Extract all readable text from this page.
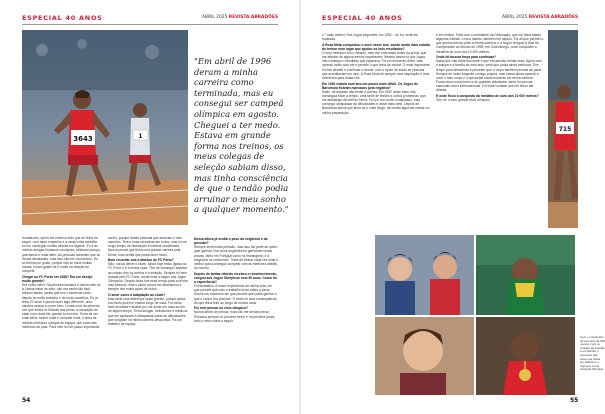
ESPECIAL 40 ANOS	ABRIL 2025 REVISTA ABRADÕES
3643	1
"Em abril de 1996 deram a minha carreira como terminada, mas eu consegui ser campeã olímpica em agosto. Cheguei a ter medo. Estava em grande forma nos treinos, os meus colegas de seleção sabiam disso, mas tinha consciência de que o tendão podia arruinar o meu sonho a qualquer momento."

formadores, quem me ensinou tudo que eu tinha de seguir, com tanto empenho e a tanta coisa acredita em eu conseguir muitas vitórias na Algarve. Eu e as minhas amigas tínhamos condições, faltavam pouqui, queríamos ir mais além. As pessoas achavam que eu tremia demasiado, mas isso não me incomodou. Eu só tremia por gosto, porque não se tinha muitas coisas, nunca gostei de ir muito na relação de competir.

Chegar ao FC Porto em 1988? Era um desejo muito grande?

Era muito difícil. Na primeira semana a minha mãe foi a Lisboa tratar de tudo, não era assim tão fácil. Mesmo assim, sentia que era o momento certo, depois de muito trabalho e de muito sacrifício. Eu já tinha 22 anos e queria fazer algo diferente, uma carreira estava a correr bem. Lembro-me da primeira vez que entrei no Estádio das Antas, a sensação de estar num clube tão grande foi incrível. Tinha de ser mais séria, treinar mais e competir mais, e tinha as minhas melhores colegas de equipa, que eram das melhores do país. Para mim foi um passo importante.

sonho, porque tantas pessoas que amavam o meu caminho. Tenho boas memórias em todos, mas foi um longo tempo de dedicação à mesma modalidade. Nunca pensei que tinha uma grande carreira pela frente, mas sentia que podia fazer muito.

Bom recordar-nos a afastou do FC Porto?

Não, nunca deixei o clube. Ainda hoje estou ligada ao FC Porto e é a minha casa. Tive de conseguir separar as coisas com os treinos e a seleção. Sempre fui bem tratada pelo FC Porto, ainda mais a seguir aos Jogos Olímpicos. Depois disso tive mais tempo para a minha vida pessoal, mas o clube nunca me abandonou e sempre tive muito apoio de todos.

O amor como a adaptação ao clube?

Mas senti uma diferença muito grande, porque ainda era muito jovem e estava longe de casa. Fui muito bem recebida e acabei por me sentir em casa ao fim de algum tempo. Tinha amigas, treinadores e médicos que me ajudaram a ultrapassar todas as dificuldades que surgiram na minha carreira desportiva. Foi um trabalho de equipa.

Nessa altura já sentia o peso da exigência e da pressão?

Sempre senti muita pressão, mas isso faz parte de quem quer ganhar. Nos anos seguintes fui ganhando várias provas, tanto em Portugal como no estrangeiro, e a exigência foi crescendo. Tinha de treinar cada vez mais e melhor para conseguir competir com as melhores atletas do mundo.

Depois de tantas vitórias recebeu o reconhecimento, chegou aos Jogos Olímpicos com 30 anos. Como foi a experiência?

Foi fantástico. A maior experiência da minha vida, em que percebi que todo o trabalho tinha valido a pena. Houve um momento em que percebi que podia ganhar e que o sonho era possível. O resto foi uma consequência do que tinha feito ao longo de muitos anos.

Foi sem pensar no ciclo olímpico?

Nunca deixei de pensar, mas não me deixava levar. Pensava sempre no próximo treino e na próxima prova, tudo o resto vinha a seguir.

54
ESPECIAL 40 ANOS	ABRIL 2025 REVISTA ABRADÕES

1.º mais melhor. Nos Jogos seguintes, em 1992... eu fui, senti-me frustrada.

A Rosa Mota conquistou o ouro nesse ano, sendo ainda mais notada do treinar num lugar que ajudou os teus resultados?

O meu treinador era o mesmo, mas tive uma lesão antes da prova, que me afastou de alguns treinos importantes. Mesmo assim fui aos Jogos, não consegui o resultado que esperava. Foi um momento difícil, mas aprendi muito com ele e percebi o que tinha de mudar. O mais importante foi não desistir e continuar a treinar, com o apoio de todas as pessoas que acreditavam em mim. A Rosa Mota foi sempre uma inspiração e uma referência para todas nós.

Em 1992 estaria num ano um pouco mais difícil. Os Jogos de Barcelona ficaram marcados pela negativa?

Muito. Ali aquelas não tentei a corrida. Em 1992 tentei fazer não conseguia estar a tempo, uma série de lesões e outros problemas, que me afastaram da melhor forma. Foi um ano muito complicado, mas consegui ultrapassar as dificuldades e voltar mais forte. Depois de Barcelona decidi que tinha de ir mais longe, de mudar algumas coisas na minha preparação.

e em muitos. Para com o presidente da Federação, que me tinha falado algumas vitórias, o meu marido, também me ajudou. Foi ali que percebi o que queria mesmo para a minha carreira, e a seguir cheguei à final do Campeonato do Mundo de 1995, em Gotemburgo, onde conquistei a medalha de ouro nos 10 000 metros.

Onde foi buscar força para continuar?

Sabia que não tinha tido sorte e que era preciso treinar mais. Agora com a equipa e a família ao meu lado, senti que podia ainda melhorar. Tive tempo para descansar e perceber que o corpo também precisa de parar. Sempre fui muito exigente comigo própria, mas nessa altura aprendi a ouvir o meu corpo e a aproveitar cada momento da minha carreira. Foram anos muito bons e de grandes resultados, tanto em provas nacionais como internacionais. Foi essa vontade que me levou até Atlanta.

E onde ficou a conquista da medalha de ouro dos 10 000 metros?

Sim, foi o meu grande título olímpico.

715
Com o cronómetro de ouro dos 10 000 metros, com os colegas de seleção e em família, o momento que viveu nas Antas em Atlanta e o regresso como Campeã Olímpica.
55
